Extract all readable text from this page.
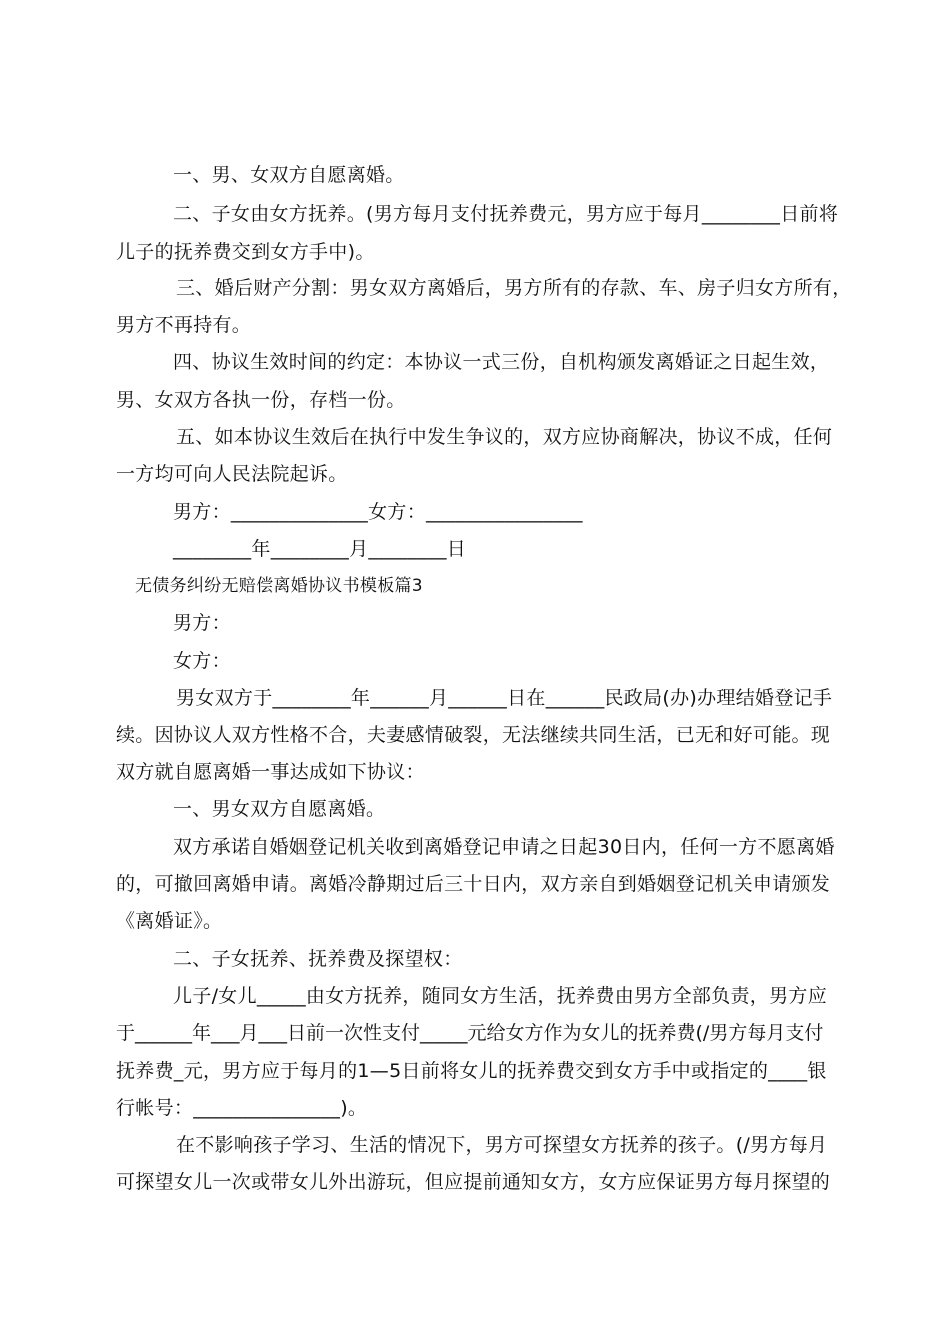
一、男、女双方自愿离婚。
二、子女由女方抚养。(男方每月支付抚养费元，男方应于每月________日前将
儿子的抚养费交到女方手中)。
三、婚后财产分割：男女双方离婚后，男方所有的存款、车、房子归女方所有，
男方不再持有。
四、协议生效时间的约定：本协议一式三份，自机构颁发离婚证之日起生效，
男、女双方各执一份，存档一份。
五、如本协议生效后在执行中发生争议的，双方应协商解决，协议不成，任何
一方均可向人民法院起诉。
男方：______________女方：________________
________年________月________日
无债务纠纷无赔偿离婚协议书模板篇3
男方：
女方：
男女双方于________年______月______日在______民政局(办)办理结婚登记手
续。因协议人双方性格不合，夫妻感情破裂，无法继续共同生活，已无和好可能。现
双方就自愿离婚一事达成如下协议：
一、男女双方自愿离婚。
双方承诺自婚姻登记机关收到离婚登记申请之日起30日内，任何一方不愿离婚
的，可撤回离婚申请。离婚冷静期过后三十日内，双方亲自到婚姻登记机关申请颁发
《离婚证》。
二、子女抚养、抚养费及探望权：
儿子/女儿_____由女方抚养，随同女方生活，抚养费由男方全部负责，男方应
于______年___月___日前一次性支付_____元给女方作为女儿的抚养费(/男方每月支付
抚养费_元，男方应于每月的1—5日前将女儿的抚养费交到女方手中或指定的____银
行帐号：_______________)。
在不影响孩子学习、生活的情况下，男方可探望女方抚养的孩子。(/男方每月
可探望女儿一次或带女儿外出游玩，但应提前通知女方，女方应保证男方每月探望的
